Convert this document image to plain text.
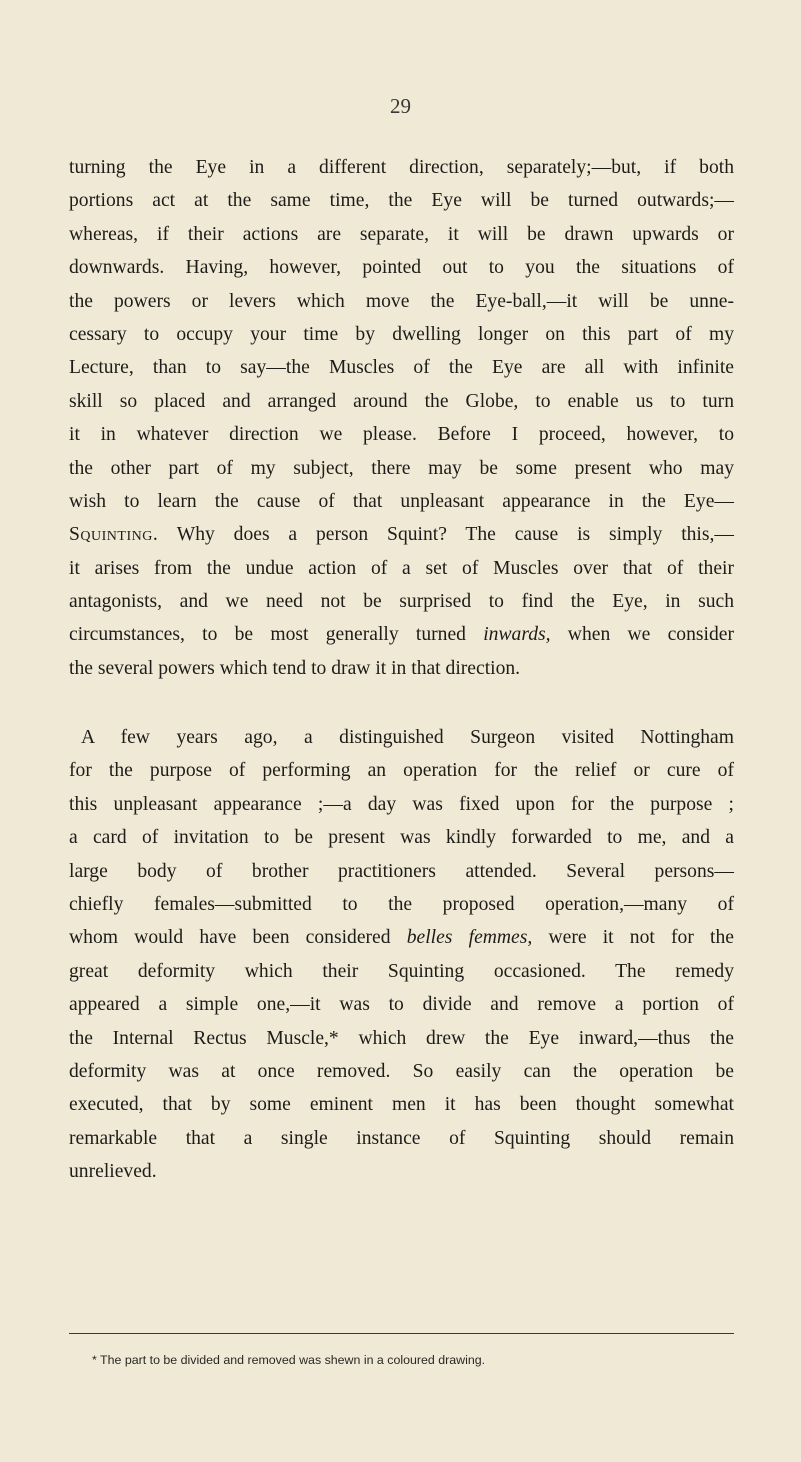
29
turning the Eye in a different direction, separately;—but, if both
portions act at the same time, the Eye will be turned outwards;—
whereas, if their actions are separate, it will be drawn upwards or
downwards. Having, however, pointed out to you the situations of
the powers or levers which move the Eye-ball,—it will be unne-
cessary to occupy your time by dwelling longer on this part of my
Lecture, than to say—the Muscles of the Eye are all with infinite
skill so placed and arranged around the Globe, to enable us to turn
it in whatever direction we please. Before I proceed, however, to
the other part of my subject, there may be some present who may
wish to learn the cause of that unpleasant appearance in the Eye—
Squinting. Why does a person Squint? The cause is simply this,—
it arises from the undue action of a set of Muscles over that of their
antagonists, and we need not be surprised to find the Eye, in such
circumstances, to be most generally turned inwards, when we consider
the several powers which tend to draw it in that direction.
A few years ago, a distinguished Surgeon visited Nottingham
for the purpose of performing an operation for the relief or cure of
this unpleasant appearance ;—a day was fixed upon for the purpose ;
a card of invitation to be present was kindly forwarded to me, and a
large body of brother practitioners attended. Several persons—
chiefly females—submitted to the proposed operation,—many of
whom would have been considered belles femmes, were it not for the
great deformity which their Squinting occasioned. The remedy
appeared a simple one,—it was to divide and remove a portion of
the Internal Rectus Muscle,* which drew the Eye inward,—thus the
deformity was at once removed. So easily can the operation be
executed, that by some eminent men it has been thought somewhat
remarkable that a single instance of Squinting should remain
unrelieved.
* The part to be divided and removed was shewn in a coloured drawing.
